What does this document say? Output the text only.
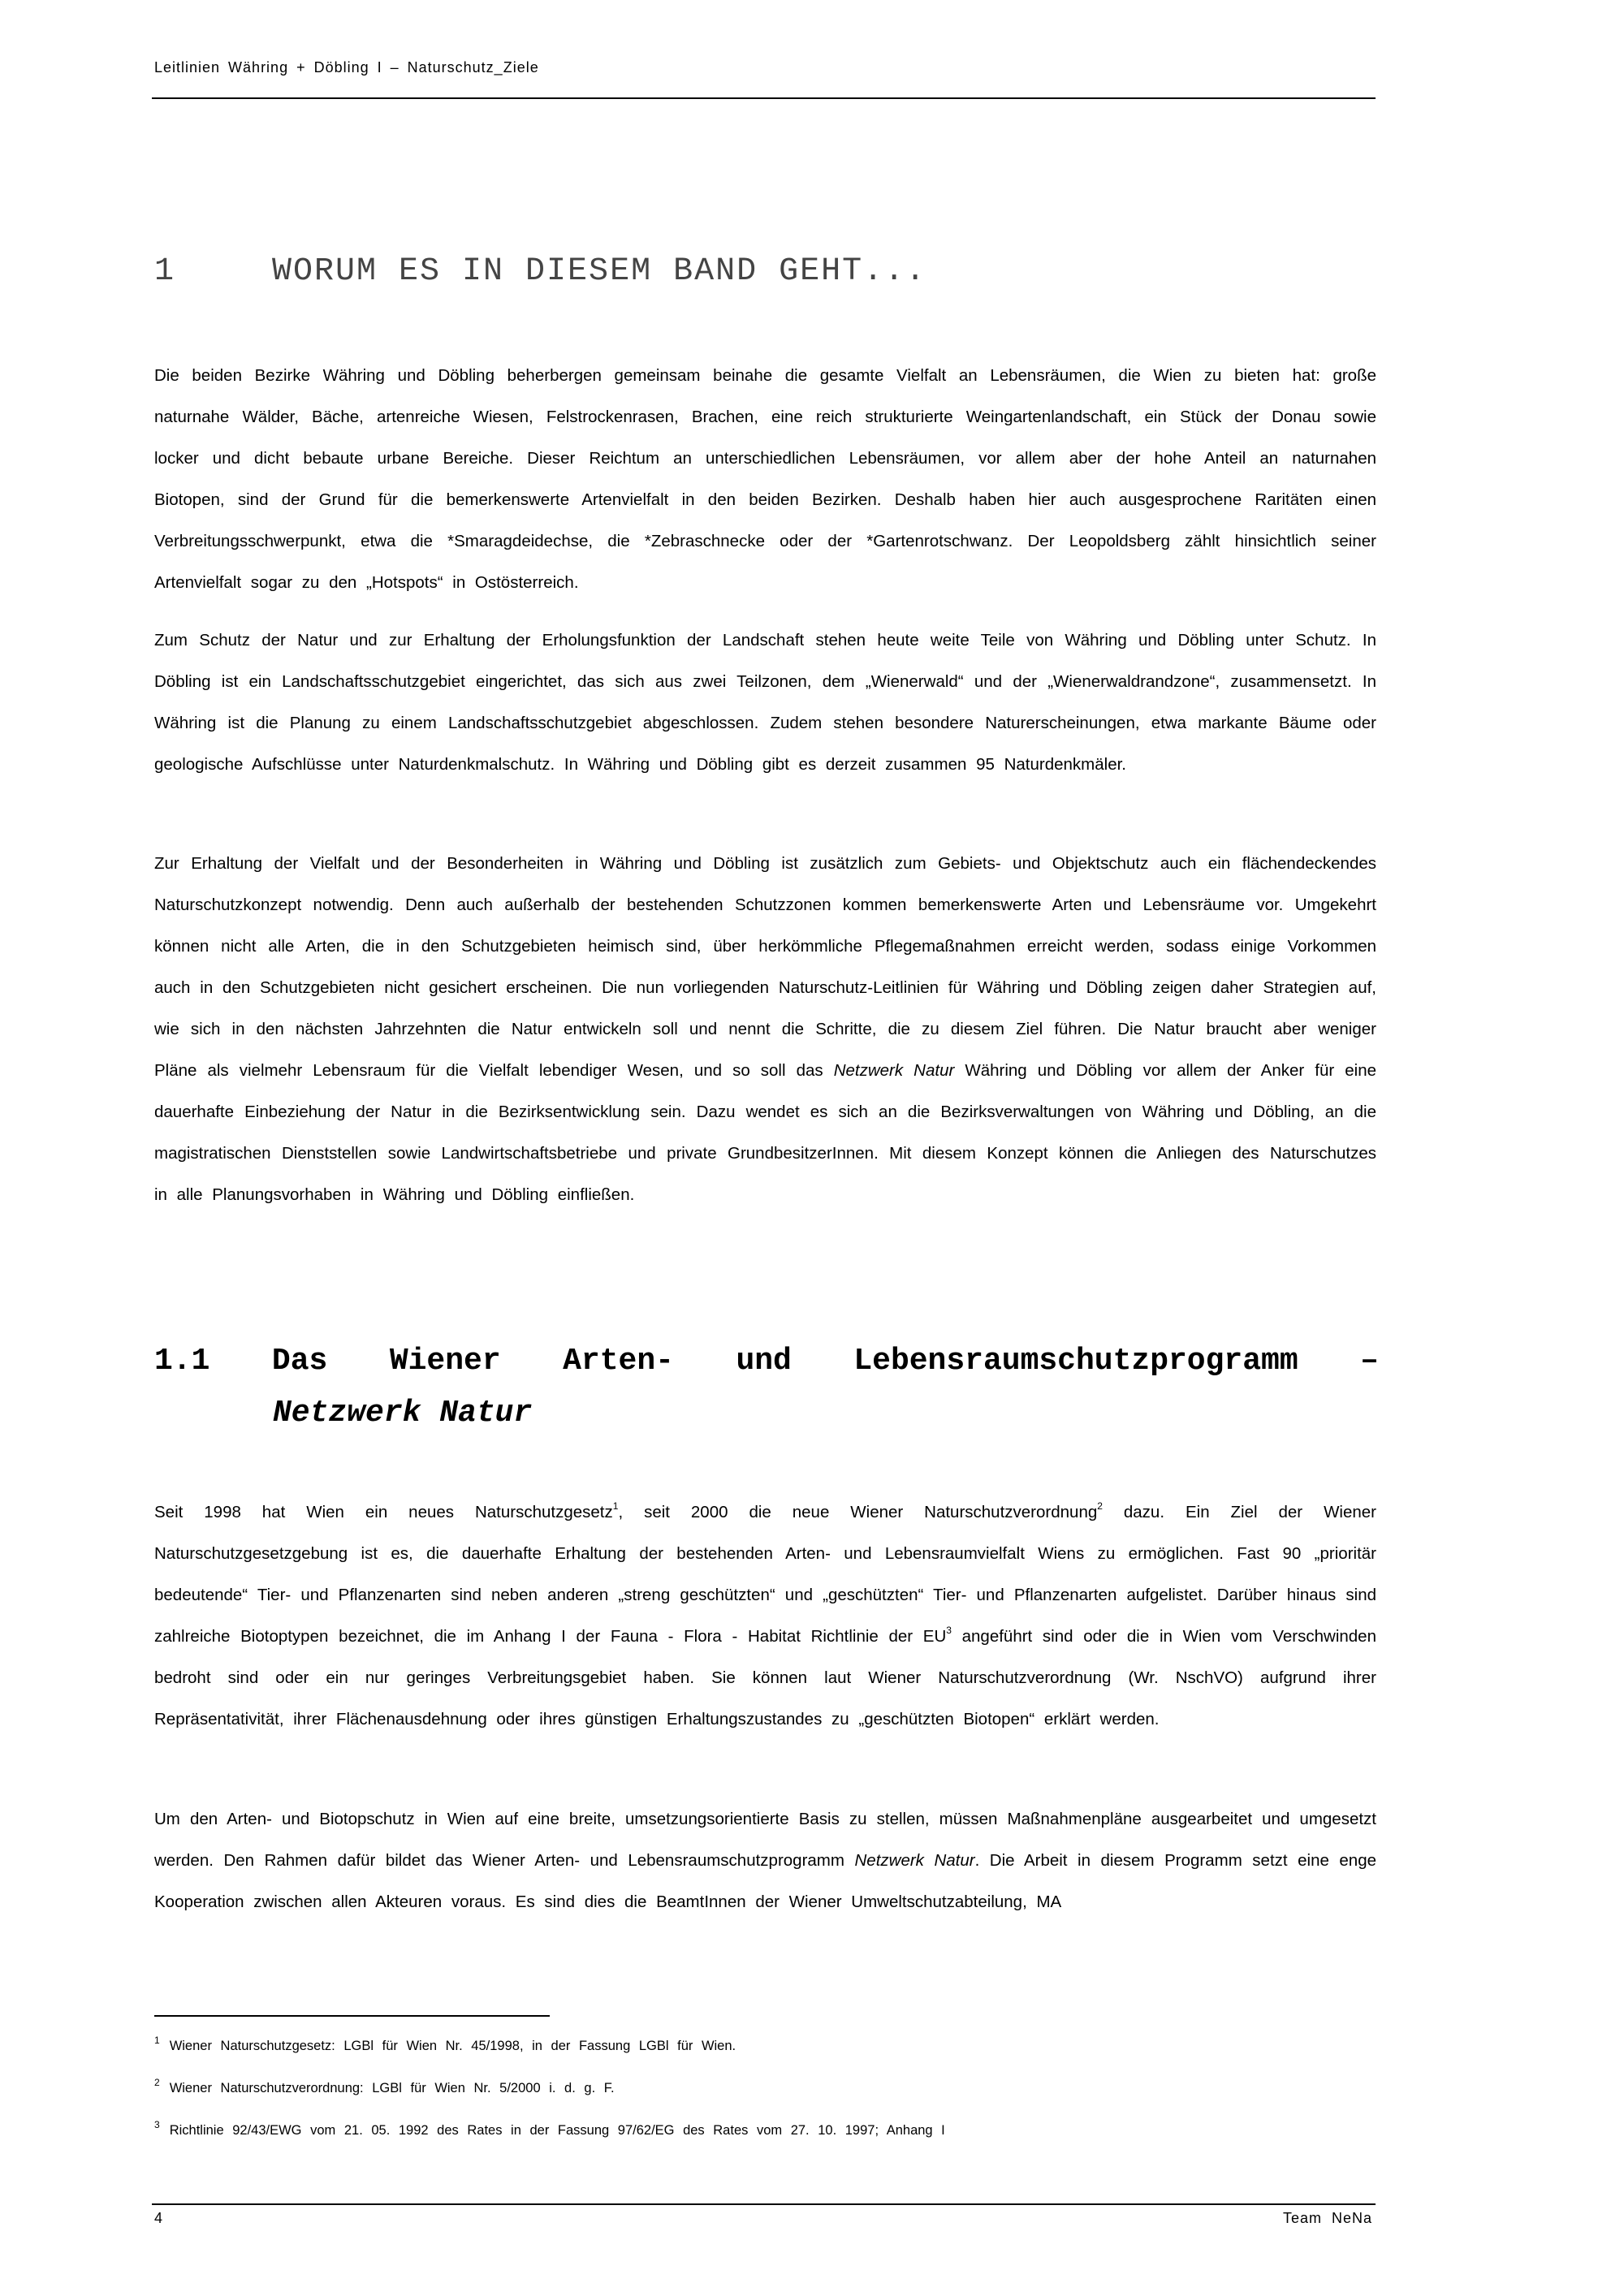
Leitlinien Währing + Döbling I – Naturschutz_Ziele
1	WORUM ES IN DIESEM BAND GEHT...

Die beiden Bezirke Währing und Döbling beherbergen gemeinsam beinahe die gesamte Vielfalt an Lebensräumen, die Wien zu bieten hat: große naturnahe Wälder, Bäche, artenreiche Wiesen, Felstrockenrasen, Brachen, eine reich strukturierte Weingartenlandschaft, ein Stück der Donau sowie locker und dicht bebaute urbane Bereiche. Dieser Reichtum an unterschiedlichen Lebensräumen, vor allem aber der hohe Anteil an naturnahen Biotopen, sind der Grund für die bemerkenswerte Artenvielfalt in den beiden Bezirken. Deshalb haben hier auch ausgesprochene Raritäten einen Verbreitungsschwerpunkt, etwa die *Smaragdeidechse, die *Zebraschnecke oder der *Gartenrotschwanz. Der Leopoldsberg zählt hinsichtlich seiner Artenvielfalt sogar zu den „Hotspots“ in Ostösterreich.

Zum Schutz der Natur und zur Erhaltung der Erholungsfunktion der Landschaft stehen heute weite Teile von Währing und Döbling unter Schutz. In Döbling ist ein Landschaftsschutzgebiet eingerichtet, das sich aus zwei Teilzonen, dem „Wienerwald“ und der „Wienerwaldrandzone“, zusammensetzt. In Währing ist die Planung zu einem Landschaftsschutzgebiet abgeschlossen. Zudem stehen besondere Naturerscheinungen, etwa markante Bäume oder geologische Aufschlüsse unter Naturdenkmalschutz. In Währing und Döbling gibt es derzeit zusammen 95 Naturdenkmäler.

Zur Erhaltung der Vielfalt und der Besonderheiten in Währing und Döbling ist zusätzlich zum Gebiets- und Objektschutz auch ein flächendeckendes Naturschutzkonzept notwendig. Denn auch außerhalb der bestehenden Schutzzonen kommen bemerkenswerte Arten und Lebensräume vor. Umgekehrt können nicht alle Arten, die in den Schutzgebieten heimisch sind, über herkömmliche Pflegemaßnahmen erreicht werden, sodass einige Vorkommen auch in den Schutzgebieten nicht gesichert erscheinen. Die nun vorliegenden Naturschutz-Leitlinien für Währing und Döbling zeigen daher Strategien auf, wie sich in den nächsten Jahrzehnten die Natur entwickeln soll und nennt die Schritte, die zu diesem Ziel führen. Die Natur braucht aber weniger Pläne als vielmehr Lebensraum für die Vielfalt lebendiger Wesen, und so soll das Netzwerk Natur Währing und Döbling vor allem der Anker für eine dauerhafte Einbeziehung der Natur in die Bezirksentwicklung sein. Dazu wendet es sich an die Bezirksverwaltungen von Währing und Döbling, an die magistratischen Dienststellen sowie Landwirtschaftsbetriebe und private GrundbesitzerInnen. Mit diesem Konzept können die Anliegen des Naturschutzes in alle Planungsvorhaben in Währing und Döbling einfließen.

1.1 Das Wiener Arten- und Lebensraumschutzprogramm –
Netzwerk Natur

Seit 1998 hat Wien ein neues Naturschutzgesetz$^1$, seit 2000 die neue Wiener Naturschutzverordnung$^2$ dazu. Ein Ziel der Wiener Naturschutzgesetzgebung ist es, die dauerhafte Erhaltung der bestehenden Arten- und Lebensraumvielfalt Wiens zu ermöglichen. Fast 90 „prioritär bedeutende“ Tier- und Pflanzenarten sind neben anderen „streng geschützten“ und „geschützten“ Tier- und Pflanzenarten aufgelistet. Darüber hinaus sind zahlreiche Biotoptypen bezeichnet, die im Anhang I der Fauna - Flora - Habitat Richtlinie der $EU^3$ angeführt sind oder die in Wien vom Verschwinden bedroht sind oder ein nur geringes Verbreitungsgebiet haben. Sie können laut Wiener Naturschutzverordnung (Wr. NschVO) aufgrund ihrer Repräsentativität, ihrer Flächenausdehnung oder ihres günstigen Erhaltungszustandes zu „geschützten Biotopen“ erklärt werden.

Um den Arten- und Biotopschutz in Wien auf eine breite, umsetzungsorientierte Basis zu stellen, müssen Maßnahmenpläne ausgearbeitet und umgesetzt werden. Den Rahmen dafür bildet das Wiener Arten- und Lebensraumschutzprogramm Netzwerk Natur. Die Arbeit in diesem Programm setzt eine enge Kooperation zwischen allen Akteuren voraus. Es sind dies die BeamtInnen der Wiener Umweltschutzabteilung, MA

$^1$ Wiener Naturschutzgesetz: LGBl für Wien Nr. 45/1998, in der Fassung LGBl für Wien.
$^2$ Wiener Naturschutzverordnung: LGBl für Wien Nr. 5/2000 i. d. g. F.
$^3$ Richtlinie 92/43/EWG vom 21. 05. 1992 des Rates in der Fassung 97/62/EG des Rates vom 27. 10. 1997; Anhang I
4	Team NeNa
